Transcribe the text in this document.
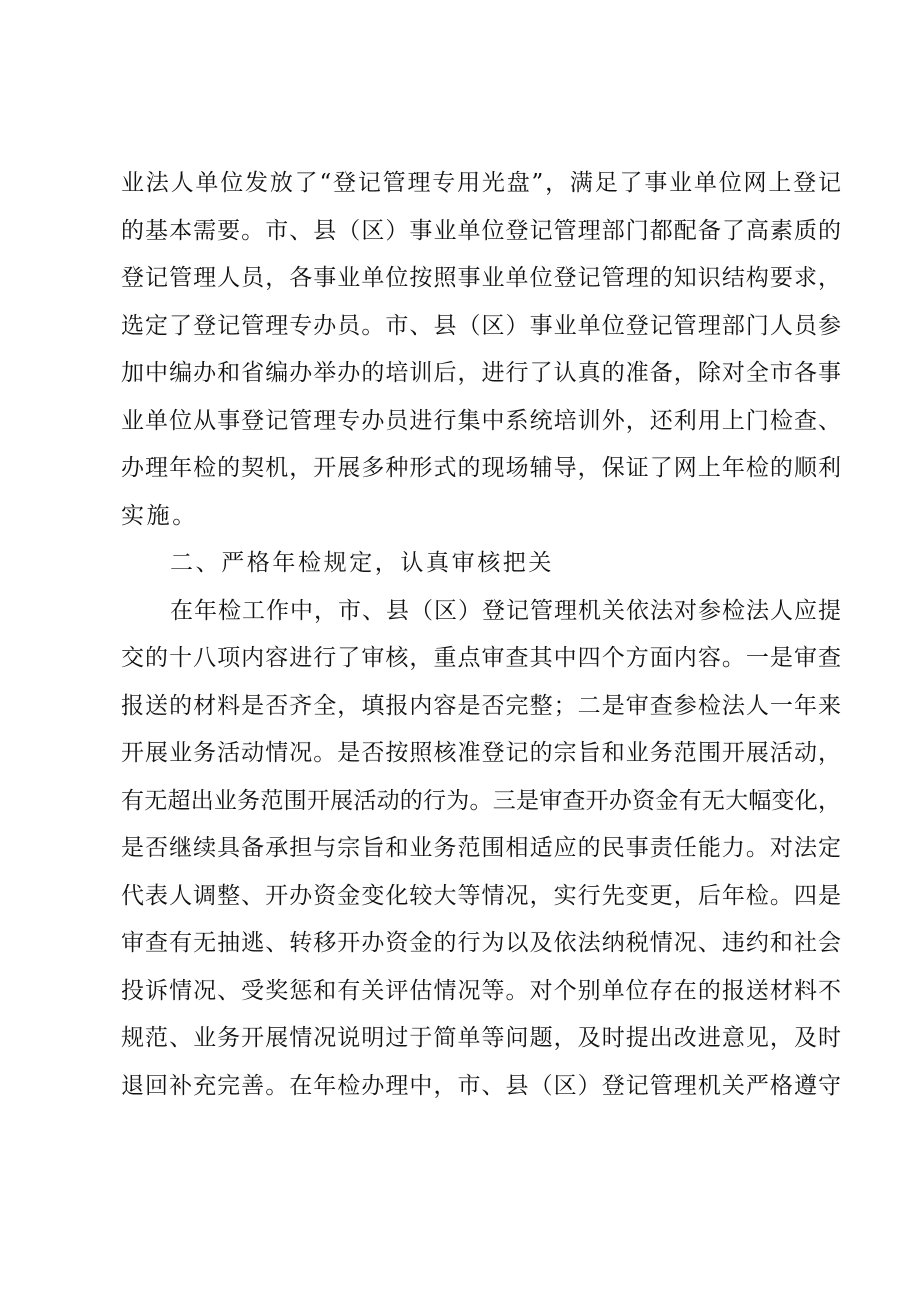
业法人单位发放了“登记管理专用光盘”，满足了事业单位网上登记
的基本需要。市、县（区）事业单位登记管理部门都配备了高素质的
登记管理人员，各事业单位按照事业单位登记管理的知识结构要求，
选定了登记管理专办员。市、县（区）事业单位登记管理部门人员参
加中编办和省编办举办的培训后，进行了认真的准备，除对全市各事
业单位从事登记管理专办员进行集中系统培训外，还利用上门检查、
办理年检的契机，开展多种形式的现场辅导，保证了网上年检的顺利
实施。
二、严格年检规定，认真审核把关
在年检工作中，市、县（区）登记管理机关依法对参检法人应提
交的十八项内容进行了审核，重点审查其中四个方面内容。一是审查
报送的材料是否齐全，填报内容是否完整；二是审查参检法人一年来
开展业务活动情况。是否按照核准登记的宗旨和业务范围开展活动，
有无超出业务范围开展活动的行为。三是审查开办资金有无大幅变化，
是否继续具备承担与宗旨和业务范围相适应的民事责任能力。对法定
代表人调整、开办资金变化较大等情况，实行先变更，后年检。四是
审查有无抽逃、转移开办资金的行为以及依法纳税情况、违约和社会
投诉情况、受奖惩和有关评估情况等。对个别单位存在的报送材料不
规范、业务开展情况说明过于简单等问题，及时提出改进意见，及时
退回补充完善。在年检办理中，市、县（区）登记管理机关严格遵守
